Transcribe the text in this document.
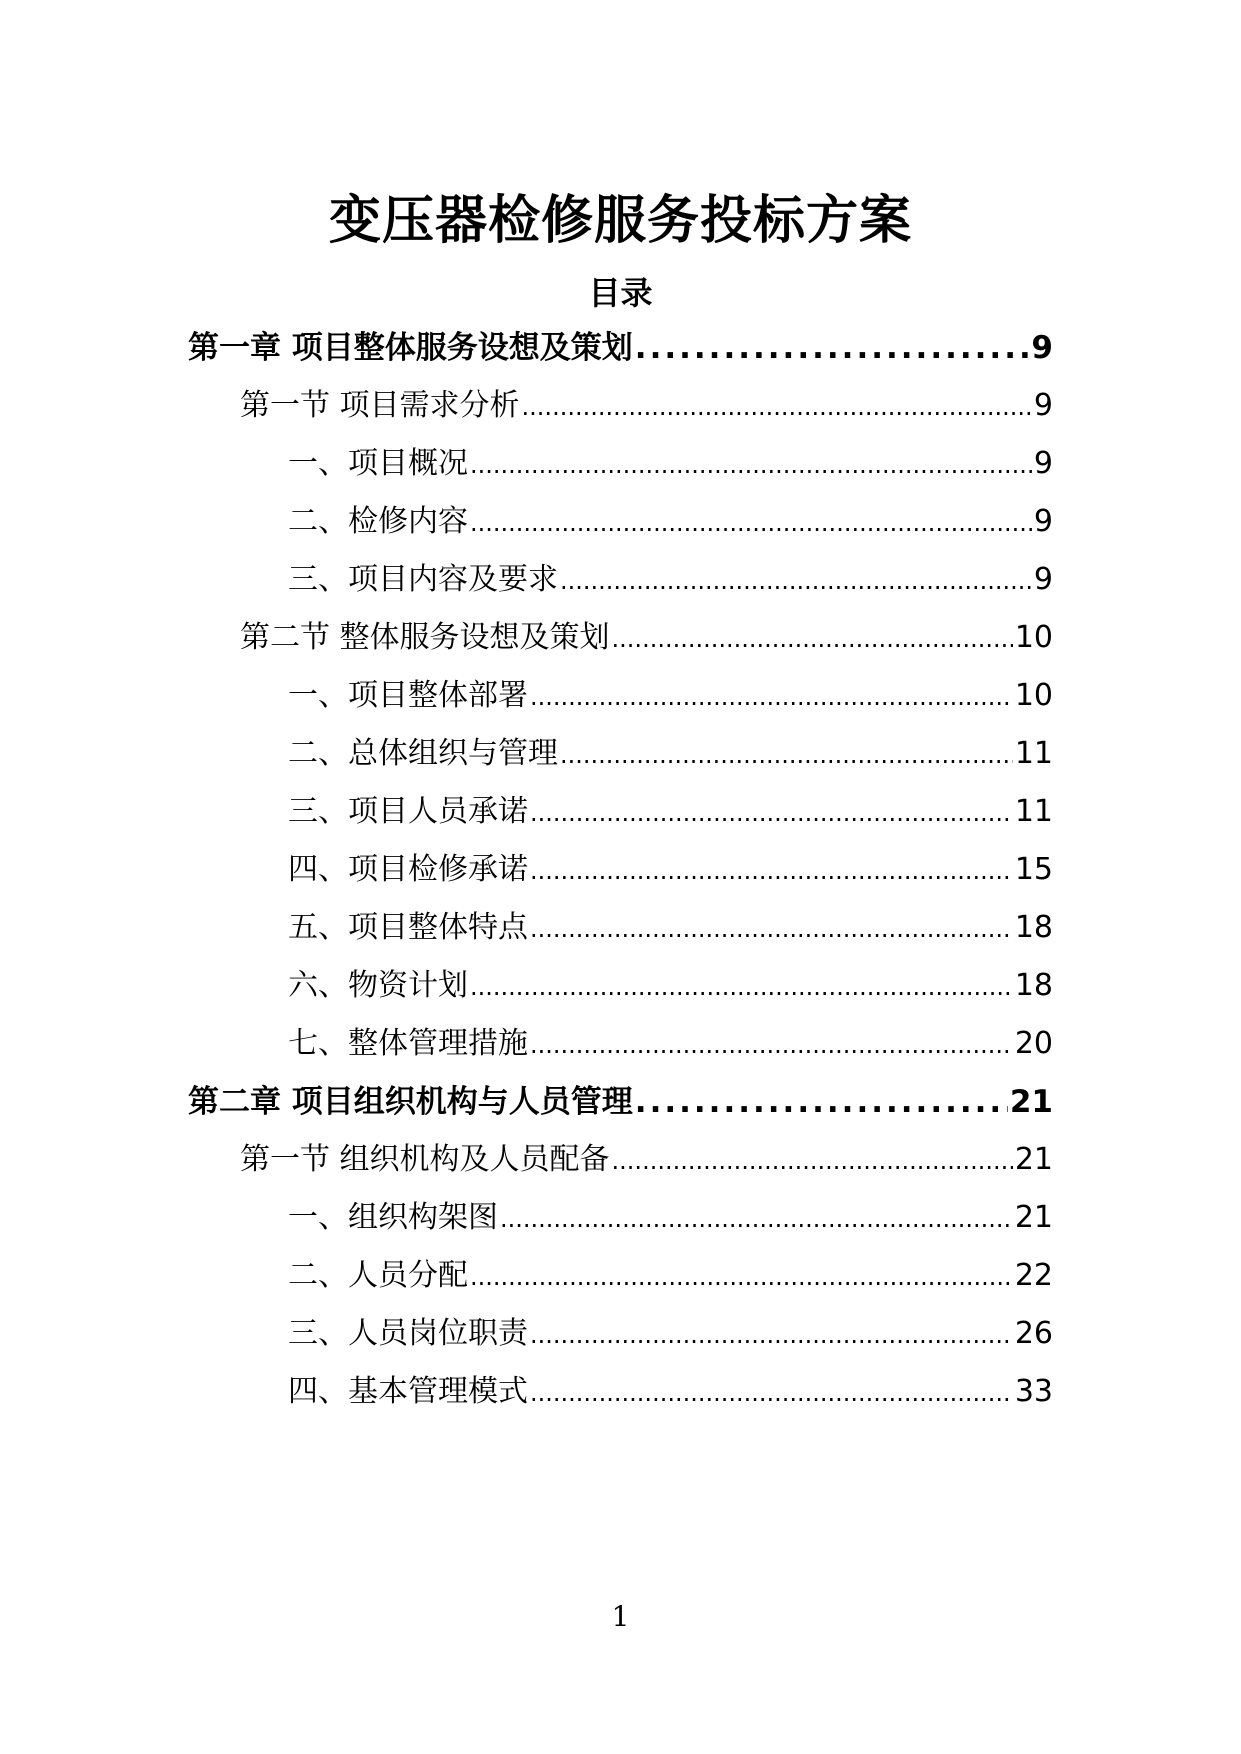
变压器检修服务投标方案
目录
第一章 项目整体服务设想及策划 .....	9
第一节 项目需求分析 .....	9
一、项目概况 .....	9
二、检修内容 .....	9
三、项目内容及要求 .....	9
第二节 整体服务设想及策划 .....	10
一、项目整体部署 .....	10
二、总体组织与管理 .....	11
三、项目人员承诺 .....	11
四、项目检修承诺 .....	15
五、项目整体特点 .....	18
六、物资计划 .....	18
七、整体管理措施 .....	20
第二章 项目组织机构与人员管理 .....	21
第一节 组织机构及人员配备 .....	21
一、组织构架图 .....	21
二、人员分配 .....	22
三、人员岗位职责 .....	26
四、基本管理模式 .....	33
1
